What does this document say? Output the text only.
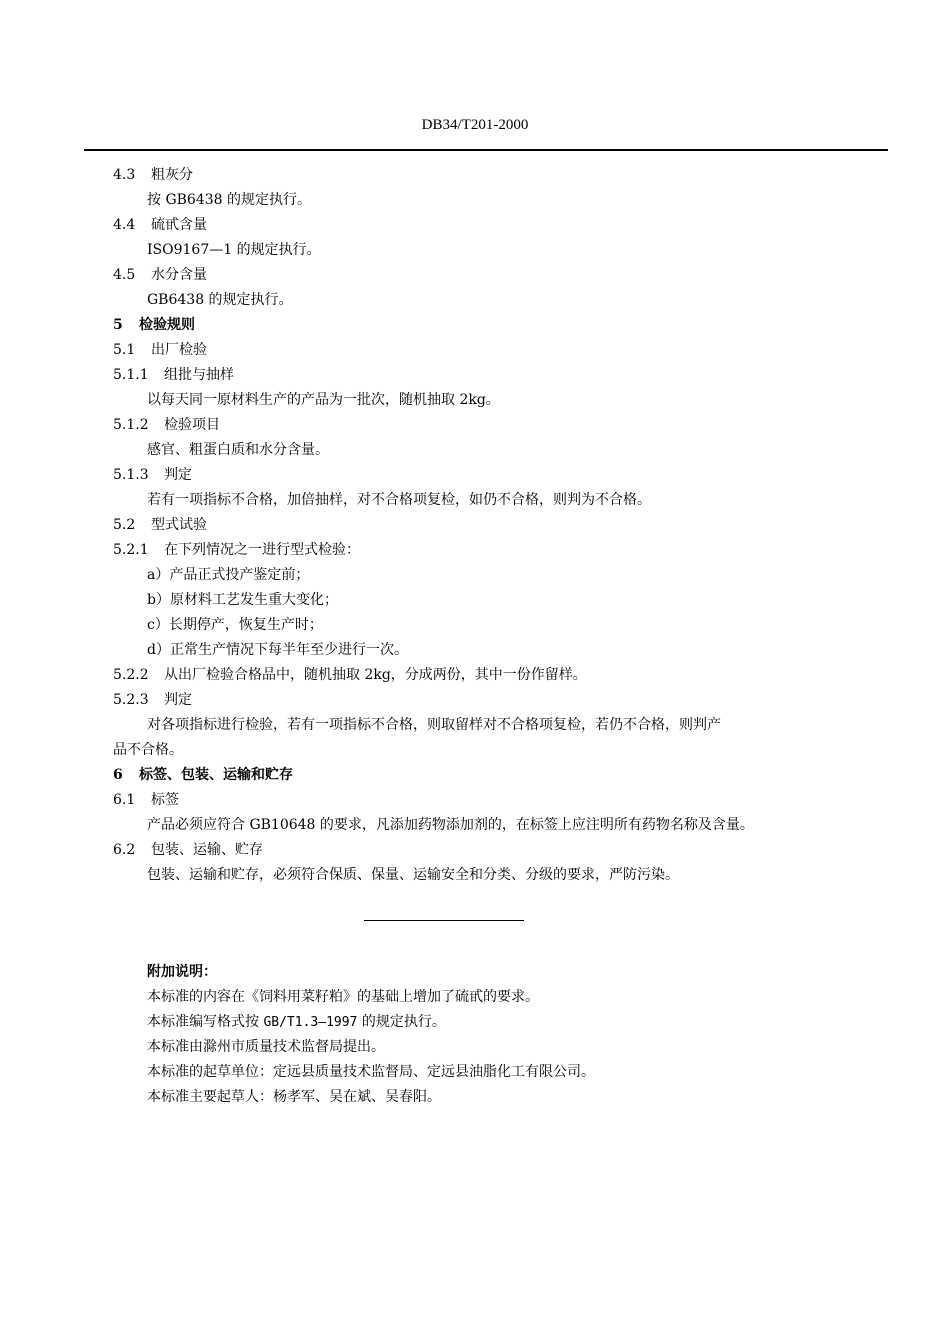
DB34/T201-2000
4.3 粗灰分
按 GB6438 的规定执行。
4.4 硫甙含量
ISO9167—1 的规定执行。
4.5 水分含量
GB6438 的规定执行。
5 检验规则
5.1 出厂检验
5.1.1 组批与抽样
以每天同一原材料生产的产品为一批次，随机抽取 2kg。
5.1.2 检验项目
感官、粗蛋白质和水分含量。
5.1.3 判定
若有一项指标不合格，加倍抽样，对不合格项复检，如仍不合格，则判为不合格。
5.2 型式试验
5.2.1 在下列情况之一进行型式检验：
a）产品正式投产鉴定前；
b）原材料工艺发生重大变化；
c）长期停产，恢复生产时；
d）正常生产情况下每半年至少进行一次。
5.2.2 从出厂检验合格品中，随机抽取 2kg，分成两份，其中一份作留样。
5.2.3 判定
对各项指标进行检验，若有一项指标不合格，则取留样对不合格项复检，若仍不合格，则判产
品不合格。
6 标签、包装、运输和贮存
6.1 标签
产品必须应符合 GB10648 的要求，凡添加药物添加剂的，在标签上应注明所有药物名称及含量。
6.2 包装、运输、贮存
包装、运输和贮存，必须符合保质、保量、运输安全和分类、分级的要求，严防污染。
附加说明：
本标准的内容在《饲料用菜籽粕》的基础上增加了硫甙的要求。
本标准编写格式按 GB/T1.3—1997 的规定执行。
本标准由滁州市质量技术监督局提出。
本标准的起草单位：定远县质量技术监督局、定远县油脂化工有限公司。
本标准主要起草人：杨孝军、吴在斌、吴春阳。
